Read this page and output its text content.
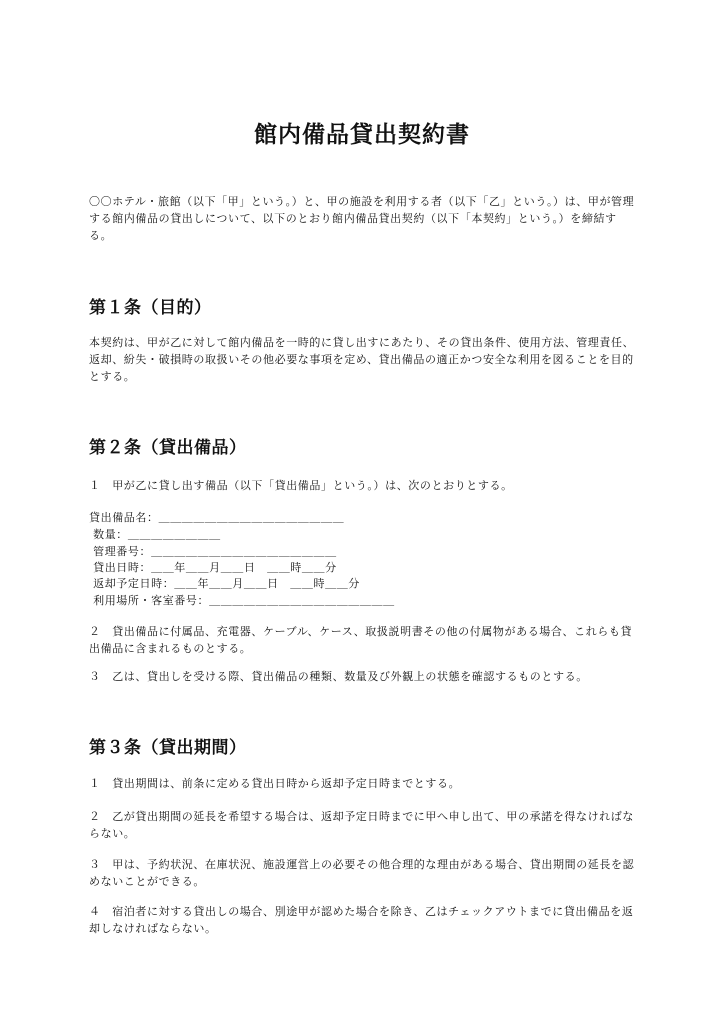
館内備品貸出契約書

〇〇ホテル・旅館（以下「甲」という。）と、甲の施設を利用する者（以下「乙」という。）は、甲が管理する館内備品の貸出しについて、以下のとおり館内備品貸出契約（以下「本契約」という。）を締結する。

第１条（目的）

本契約は、甲が乙に対して館内備品を一時的に貸し出すにあたり、その貸出条件、使用方法、管理責任、返却、紛失・破損時の取扱いその他必要な事項を定め、貸出備品の適正かつ安全な利用を図ることを目的とする。

第２条（貸出備品）

１　甲が乙に貸し出す備品（以下「貸出備品」という。）は、次のとおりとする。

貸出備品名：＿＿＿＿＿＿＿＿＿＿＿＿＿＿＿＿
数量：＿＿＿＿＿＿＿＿
管理番号：＿＿＿＿＿＿＿＿＿＿＿＿＿＿＿＿
貸出日時：＿＿年＿＿月＿＿日　＿＿時＿＿分
返却予定日時：＿＿年＿＿月＿＿日　＿＿時＿＿分
利用場所・客室番号：＿＿＿＿＿＿＿＿＿＿＿＿＿＿＿＿

２　貸出備品に付属品、充電器、ケーブル、ケース、取扱説明書その他の付属物がある場合、これらも貸出備品に含まれるものとする。

３　乙は、貸出しを受ける際、貸出備品の種類、数量及び外観上の状態を確認するものとする。

第３条（貸出期間）

１　貸出期間は、前条に定める貸出日時から返却予定日時までとする。

２　乙が貸出期間の延長を希望する場合は、返却予定日時までに甲へ申し出て、甲の承諾を得なければならない。

３　甲は、予約状況、在庫状況、施設運営上の必要その他合理的な理由がある場合、貸出期間の延長を認めないことができる。

４　宿泊者に対する貸出しの場合、別途甲が認めた場合を除き、乙はチェックアウトまでに貸出備品を返却しなければならない。
